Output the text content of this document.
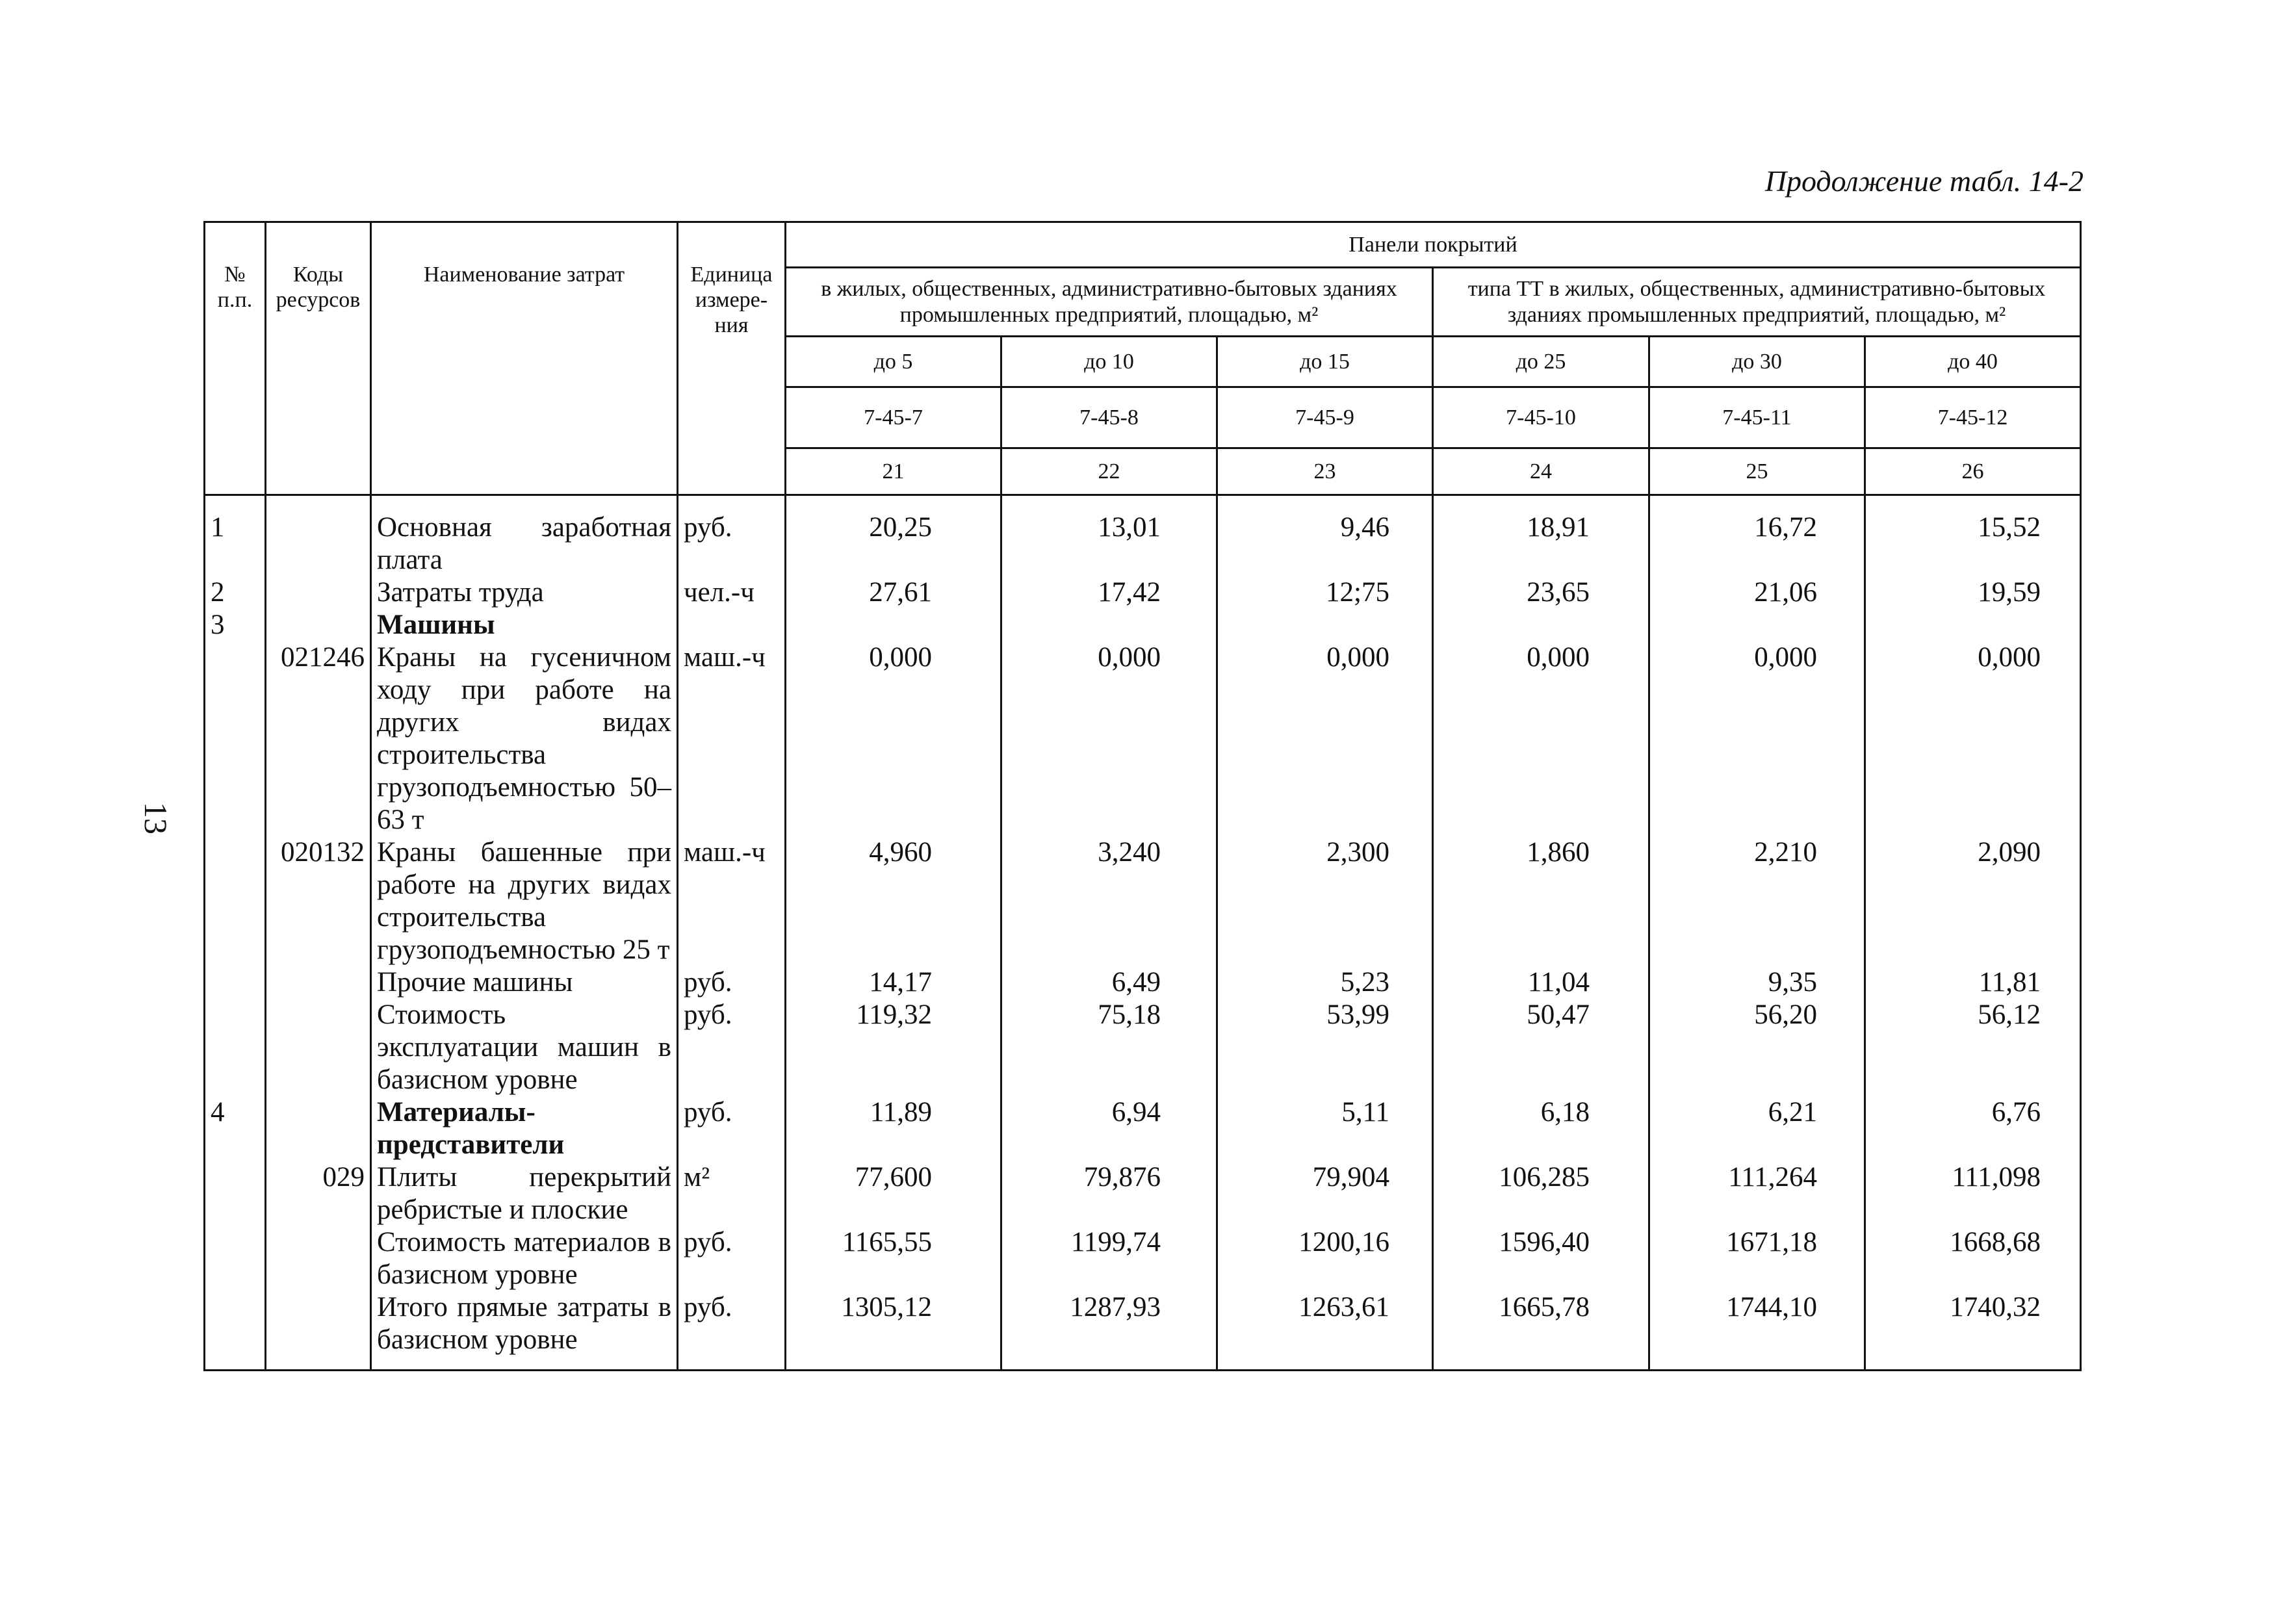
Продолжение табл. 14-2
13
№ п.п.	Коды ресурсов	Наименование затрат	Единица измере-ния	Панели покрытий					
				в жилых, общественных, административно-бытовых зданиях промышленных предприятий, площадью, м²			типа ТТ в жилых, общественных, административно-бытовых зданиях промышленных предприятий, площадью, м²		
				до 5	до 10	до 15	до 25	до 30	до 40
				7-45-7	7-45-8	7-45-9	7-45-10	7-45-11	7-45-12
				21	22	23	24	25	26
1		Основная заработная плата	руб.	20,25	13,01	9,46	18,91	16,72	15,52
2		Затраты труда	чел.-ч	27,61	17,42	12;75	23,65	21,06	19,59
3		Машины							
	021246	Краны на гусеничном ходу при работе на других видах строительства грузоподъемностью 50–63 т	маш.-ч	0,000	0,000	0,000	0,000	0,000	0,000
	020132	Краны башенные при работе на других видах строительства грузоподъемностью 25 т	маш.-ч	4,960	3,240	2,300	1,860	2,210	2,090
		Прочие машины	руб.	14,17	6,49	5,23	11,04	9,35	11,81
		Стоимость эксплуатации машин в базисном уровне	руб.	119,32	75,18	53,99	50,47	56,20	56,12
4		Материалы-представители	руб.	11,89	6,94	5,11	6,18	6,21	6,76
	029	Плиты перекрытий ребристые и плоские	м²	77,600	79,876	79,904	106,285	111,264	111,098
		Стоимость материалов в базисном уровне	руб.	1165,55	1199,74	1200,16	1596,40	1671,18	1668,68
		Итого прямые затраты в базисном уровне	руб.	1305,12	1287,93	1263,61	1665,78	1744,10	1740,32
